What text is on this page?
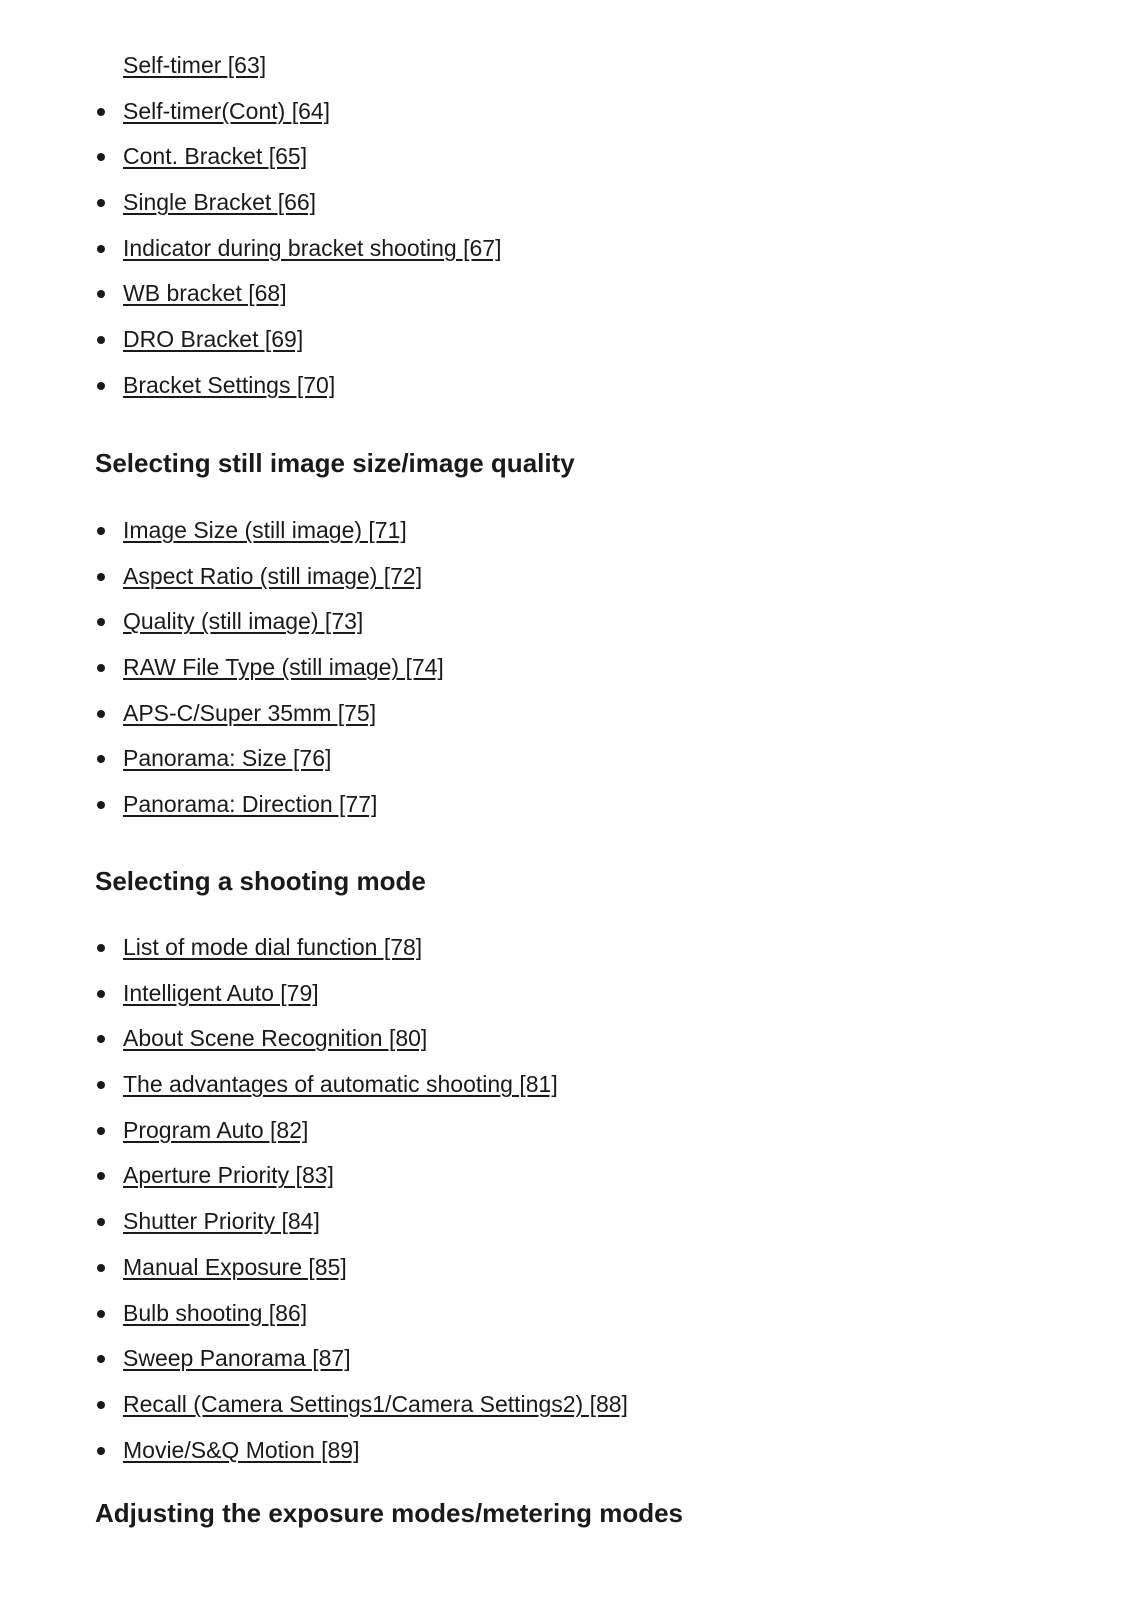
Self-timer [63]
Self-timer(Cont) [64]
Cont. Bracket [65]
Single Bracket [66]
Indicator during bracket shooting [67]
WB bracket [68]
DRO Bracket [69]
Bracket Settings [70]
Selecting still image size/image quality
Image Size (still image) [71]
Aspect Ratio (still image) [72]
Quality (still image) [73]
RAW File Type (still image) [74]
APS-C/Super 35mm [75]
Panorama: Size [76]
Panorama: Direction [77]
Selecting a shooting mode
List of mode dial function [78]
Intelligent Auto [79]
About Scene Recognition [80]
The advantages of automatic shooting [81]
Program Auto [82]
Aperture Priority [83]
Shutter Priority [84]
Manual Exposure [85]
Bulb shooting [86]
Sweep Panorama [87]
Recall (Camera Settings1/Camera Settings2) [88]
Movie/S&Q Motion [89]
Adjusting the exposure modes/metering modes
